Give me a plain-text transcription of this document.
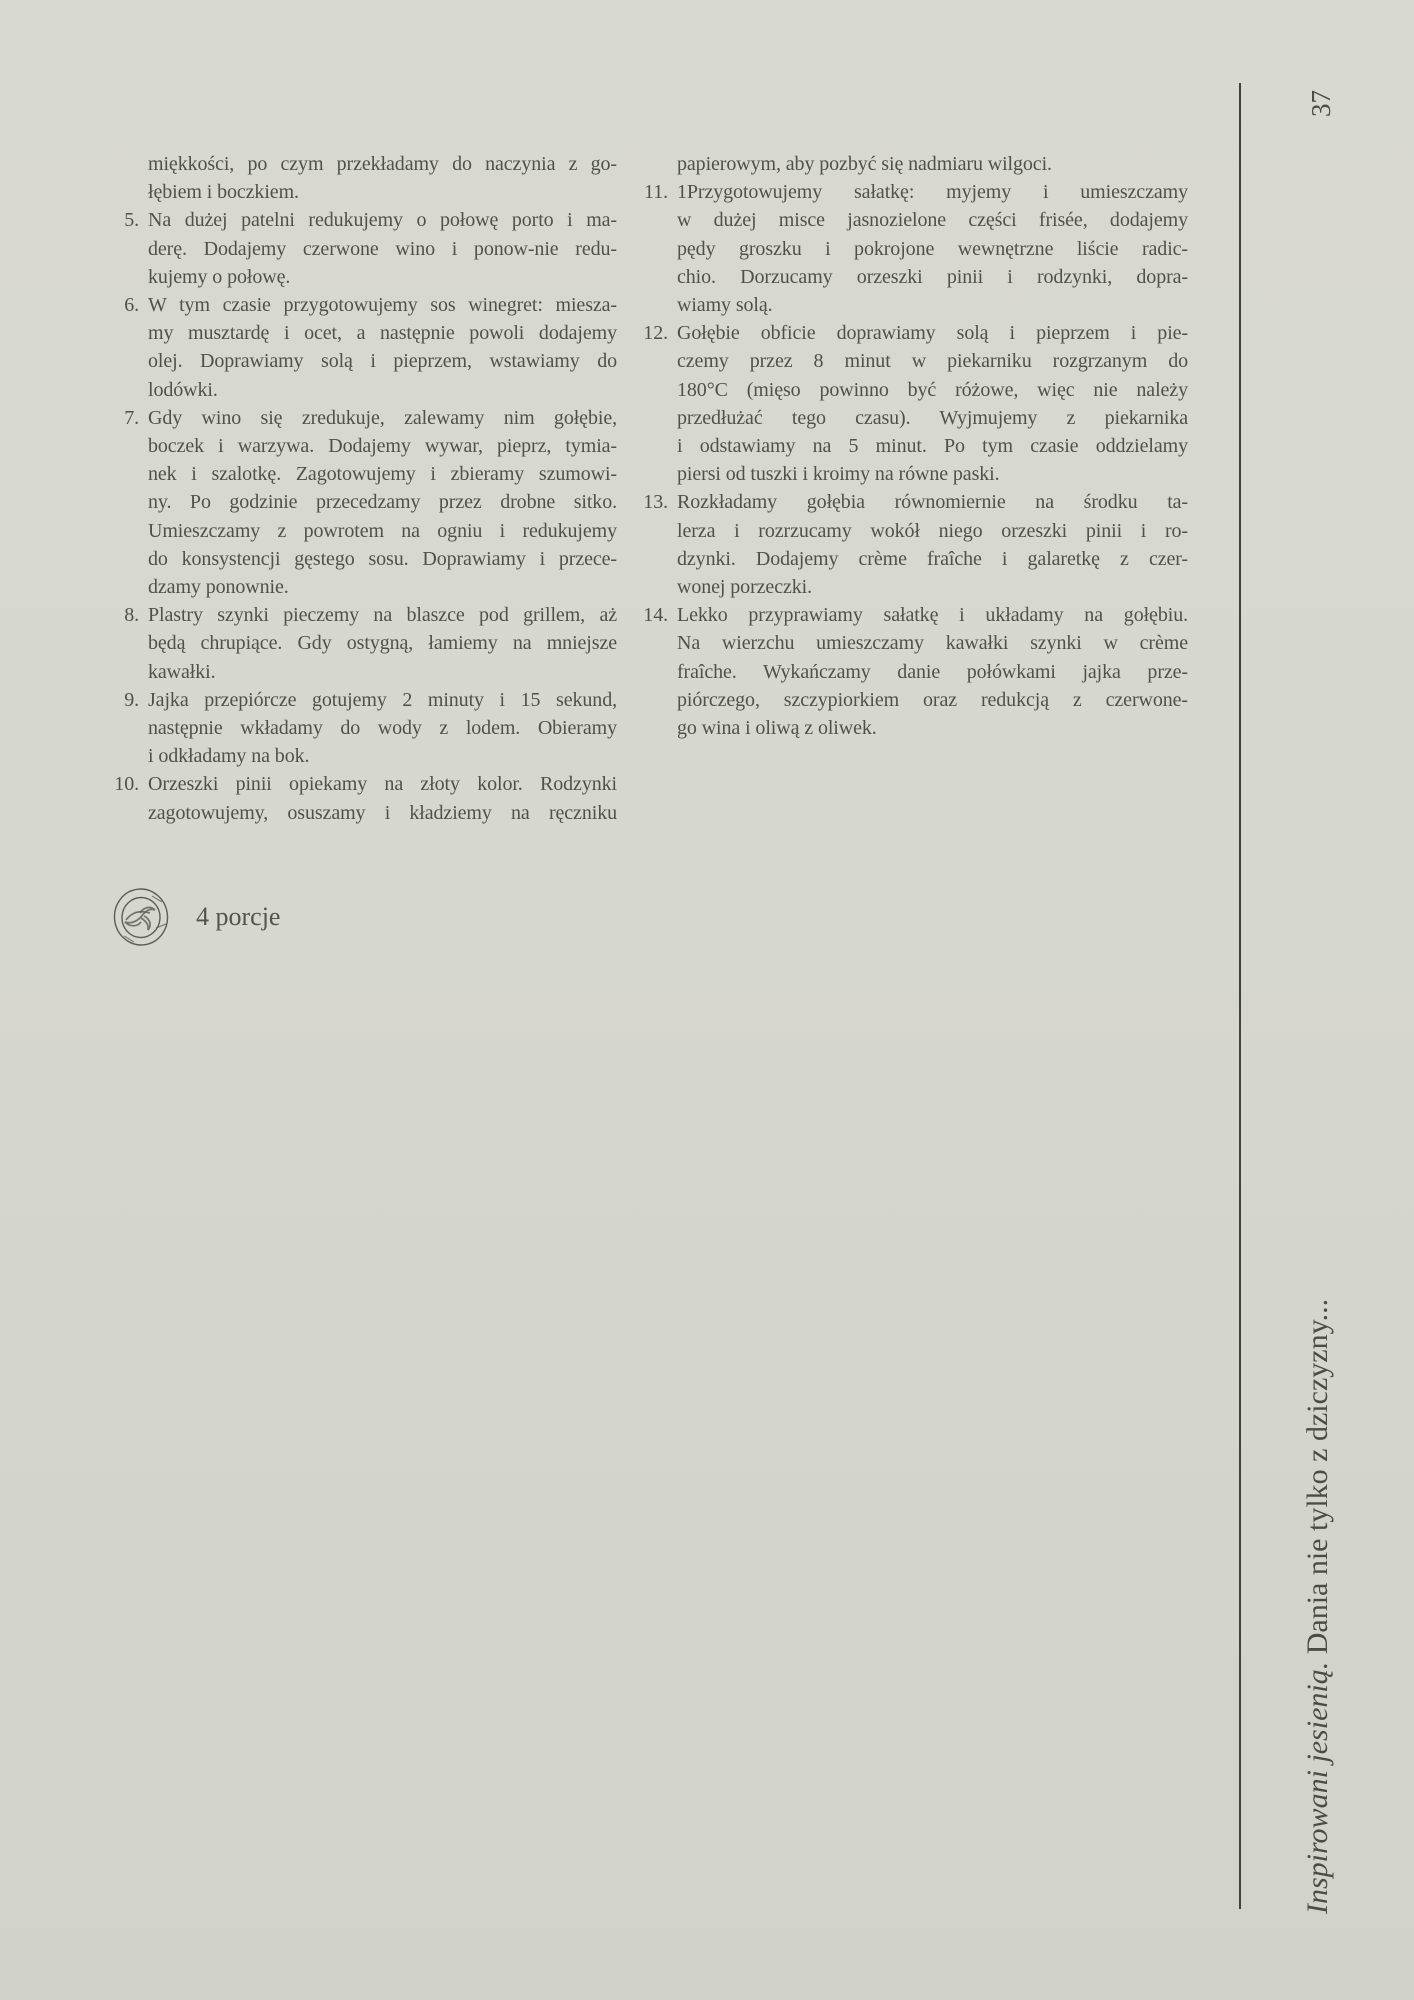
miękkości, po czym przekładamy do naczynia z go-
łębiem i boczkiem.
5. Na dużej patelni redukujemy o połowę porto i ma-
derę. Dodajemy czerwone wino i ponow-nie redu-
kujemy o połowę.
6. W tym czasie przygotowujemy sos winegret: miesza-
my musztardę i ocet, a następnie powoli dodajemy
olej. Doprawiamy solą i pieprzem, wstawiamy do
lodówki.
7. Gdy wino się zredukuje, zalewamy nim gołębie,
boczek i warzywa. Dodajemy wywar, pieprz, tymia-
nek i szalotkę. Zagotowujemy i zbieramy szumowi-
ny. Po godzinie przecedzamy przez drobne sitko.
Umieszczamy z powrotem na ogniu i redukujemy
do konsystencji gęstego sosu. Doprawiamy i przece-
dzamy ponownie.
8. Plastry szynki pieczemy na blaszce pod grillem, aż
będą chrupiące. Gdy ostygną, łamiemy na mniejsze
kawałki.
9. Jajka przepiórcze gotujemy 2 minuty i 15 sekund,
następnie wkładamy do wody z lodem. Obieramy
i odkładamy na bok.
10. Orzeszki pinii opiekamy na złoty kolor. Rodzynki
zagotowujemy, osuszamy i kładziemy na ręczniku
papierowym, aby pozbyć się nadmiaru wilgoci.
11. 1Przygotowujemy sałatkę: myjemy i umieszczamy
w dużej misce jasnozielone części frisée, dodajemy
pędy groszku i pokrojone wewnętrzne liście radic-
chio. Dorzucamy orzeszki pinii i rodzynki, dopra-
wiamy solą.
12. Gołębie obficie doprawiamy solą i pieprzem i pie-
czemy przez 8 minut w piekarniku rozgrzanym do
180°C (mięso powinno być różowe, więc nie należy
przedłużać tego czasu). Wyjmujemy z piekarnika
i odstawiamy na 5 minut. Po tym czasie oddzielamy
piersi od tuszki i kroimy na równe paski.
13. Rozkładamy gołębia równomiernie na środku ta-
lerza i rozrzucamy wokół niego orzeszki pinii i ro-
dzynki. Dodajemy crème fraîche i galaretkę z czer-
wonej porzeczki.
14. Lekko przyprawiamy sałatkę i układamy na gołębiu.
Na wierzchu umieszczamy kawałki szynki w crème
fraîche. Wykańczamy danie połówkami jajka prze-
piórczego, szczypiorkiem oraz redukcją z czerwone-
go wina i oliwą z oliwek.
4 porcje
37
Inspirowani jesienią. Dania nie tylko z dziczyzny...
